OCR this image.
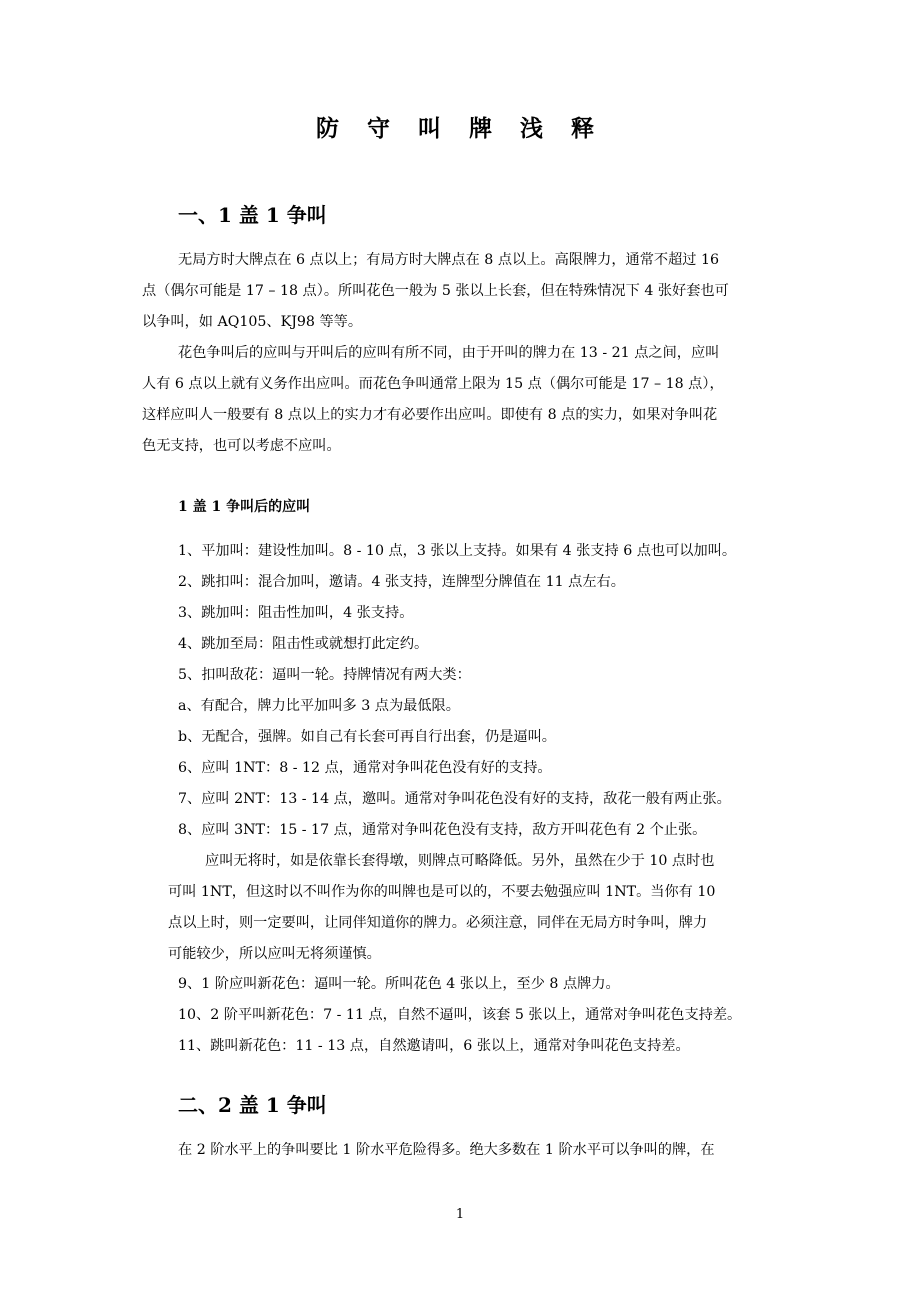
防 守 叫 牌 浅 释
一、1 盖 1 争叫
无局方时大牌点在 6 点以上；有局方时大牌点在 8 点以上。高限牌力，通常不超过 16
点（偶尔可能是 17 – 18 点）。所叫花色一般为 5 张以上长套，但在特殊情况下 4 张好套也可
以争叫，如 AQ105、KJ98 等等。
花色争叫后的应叫与开叫后的应叫有所不同，由于开叫的牌力在 13 - 21 点之间，应叫
人有 6 点以上就有义务作出应叫。而花色争叫通常上限为 15 点（偶尔可能是 17 – 18 点），
这样应叫人一般要有 8 点以上的实力才有必要作出应叫。即使有 8 点的实力，如果对争叫花
色无支持，也可以考虑不应叫。
1 盖 1 争叫后的应叫
1、平加叫：建设性加叫。8 - 10 点，3 张以上支持。如果有 4 张支持 6 点也可以加叫。
2、跳扣叫：混合加叫，邀请。4 张支持，连牌型分牌值在 11 点左右。
3、跳加叫：阻击性加叫，4 张支持。
4、跳加至局：阻击性或就想打此定约。
5、扣叫敌花：逼叫一轮。持牌情况有两大类：
a、有配合，牌力比平加叫多 3 点为最低限。
b、无配合，强牌。如自己有长套可再自行出套，仍是逼叫。
6、应叫 1NT：8 - 12 点，通常对争叫花色没有好的支持。
7、应叫 2NT：13 - 14 点，邀叫。通常对争叫花色没有好的支持，敌花一般有两止张。
8、应叫 3NT：15 - 17 点，通常对争叫花色没有支持，敌方开叫花色有 2 个止张。
应叫无将时，如是依靠长套得墩，则牌点可略降低。另外，虽然在少于 10 点时也
可叫 1NT，但这时以不叫作为你的叫牌也是可以的，不要去勉强应叫 1NT。当你有 10
点以上时，则一定要叫，让同伴知道你的牌力。必须注意，同伴在无局方时争叫，牌力
可能较少，所以应叫无将须谨慎。
9、1 阶应叫新花色：逼叫一轮。所叫花色 4 张以上，至少 8 点牌力。
10、2 阶平叫新花色：7 - 11 点，自然不逼叫，该套 5 张以上，通常对争叫花色支持差。
11、跳叫新花色：11 - 13 点，自然邀请叫，6 张以上，通常对争叫花色支持差。
二、2 盖 1 争叫
在 2 阶水平上的争叫要比 1 阶水平危险得多。绝大多数在 1 阶水平可以争叫的牌，在
1
